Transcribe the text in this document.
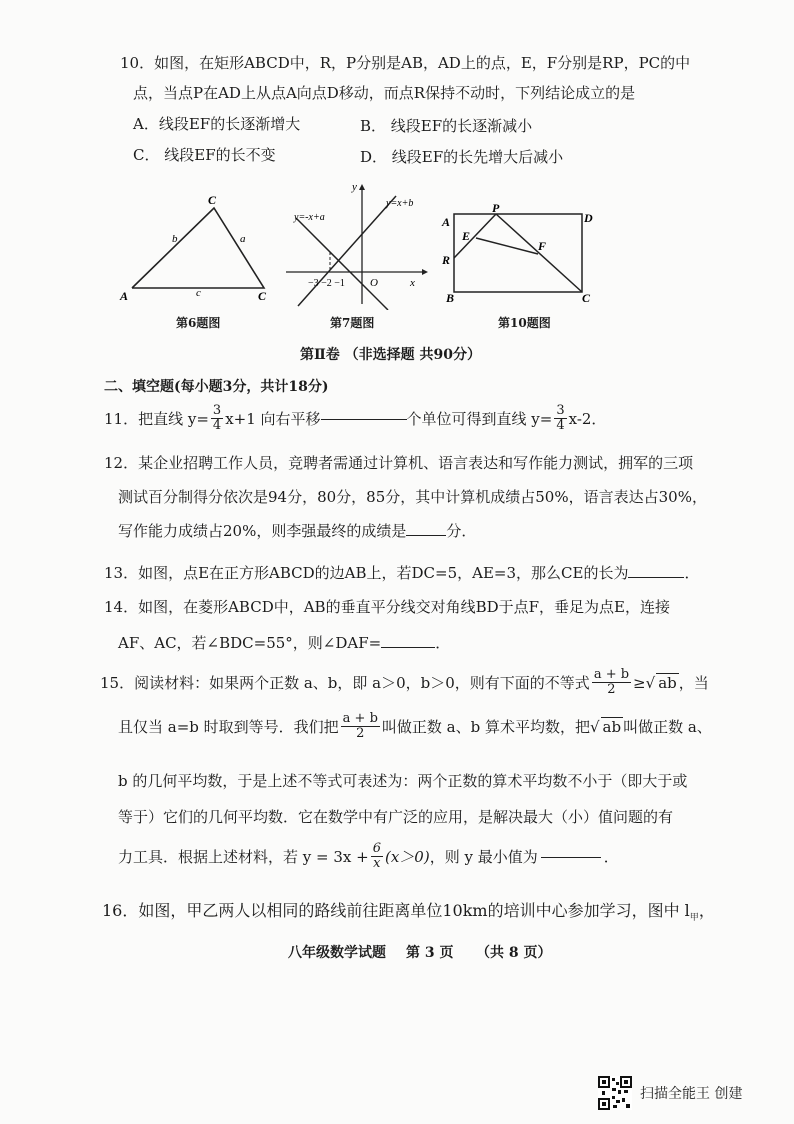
10．如图，在矩形ABCD中，R，P分别是AB，AD上的点，E，F分别是RP，PC的中
点，当点P在AD上从点A向点D移动，而点R保持不动时，下列结论成立的是
A．线段EF的长逐渐增大	B． 线段EF的长逐渐减小
C． 线段EF的长不变	D． 线段EF的长先增大后减小
A
C
C
b	a
c
第6题图
y
x
O
y=-x+a
y=x+b
−3 −2 −1
第7题图
A
P
D
E
F
R
B	C
第10题图
第Ⅱ卷 （非选择题 共90分）
二、填空题(每小题3分，共计18分)
11．把直线 $y= \frac{3}{4} x+1$ 向右平移	个单位可得到直线 $y= \frac{3}{4} x-2$．
12．某企业招聘工作人员，竞聘者需通过计算机、语言表达和写作能力测试，拥军的三项
测试百分制得分依次是94分，80分，85分，其中计算机成绩占50%，语言表达占30%，
写作能力成绩占20%，则李强最终的成绩是	分．
13．如图，点E在正方形ABCD的边AB上，若DC=5，AE=3，那么CE的长为	．
14．如图，在菱形ABCD中，AB的垂直平分线交对角线BD于点F，垂足为点E，连接
AF、AC，若∠BDC=55°，则∠DAF=	．
15．阅读材料：如果两个正数 a、b，即 a＞0，b＞0，则有下面的不等式 $\frac{a + b}{2}$ ≥ √ ab ，当
且仅当 a=b 时取到等号．我们把 $\frac{a + b}{2}$ 叫做正数 a、b 算术平均数，把 √ ab 叫做正数 a、
b 的几何平均数，于是上述不等式可表述为：两个正数的算术平均数不小于（即大于或
等于）它们的几何平均数．它在数学中有广泛的应用，是解决最大（小）值问题的有
力工具．根据上述材料，若 $y = 3x + \frac{6}{x} (x>0)$ ，则 y 最小值为	．
16．如图，甲乙两人以相同的路线前往距离单位10km的培训中心参加学习，图中 $l_甲$，
八年级数学试题 第 3 页 （共 8 页）
扫描全能王 创建
